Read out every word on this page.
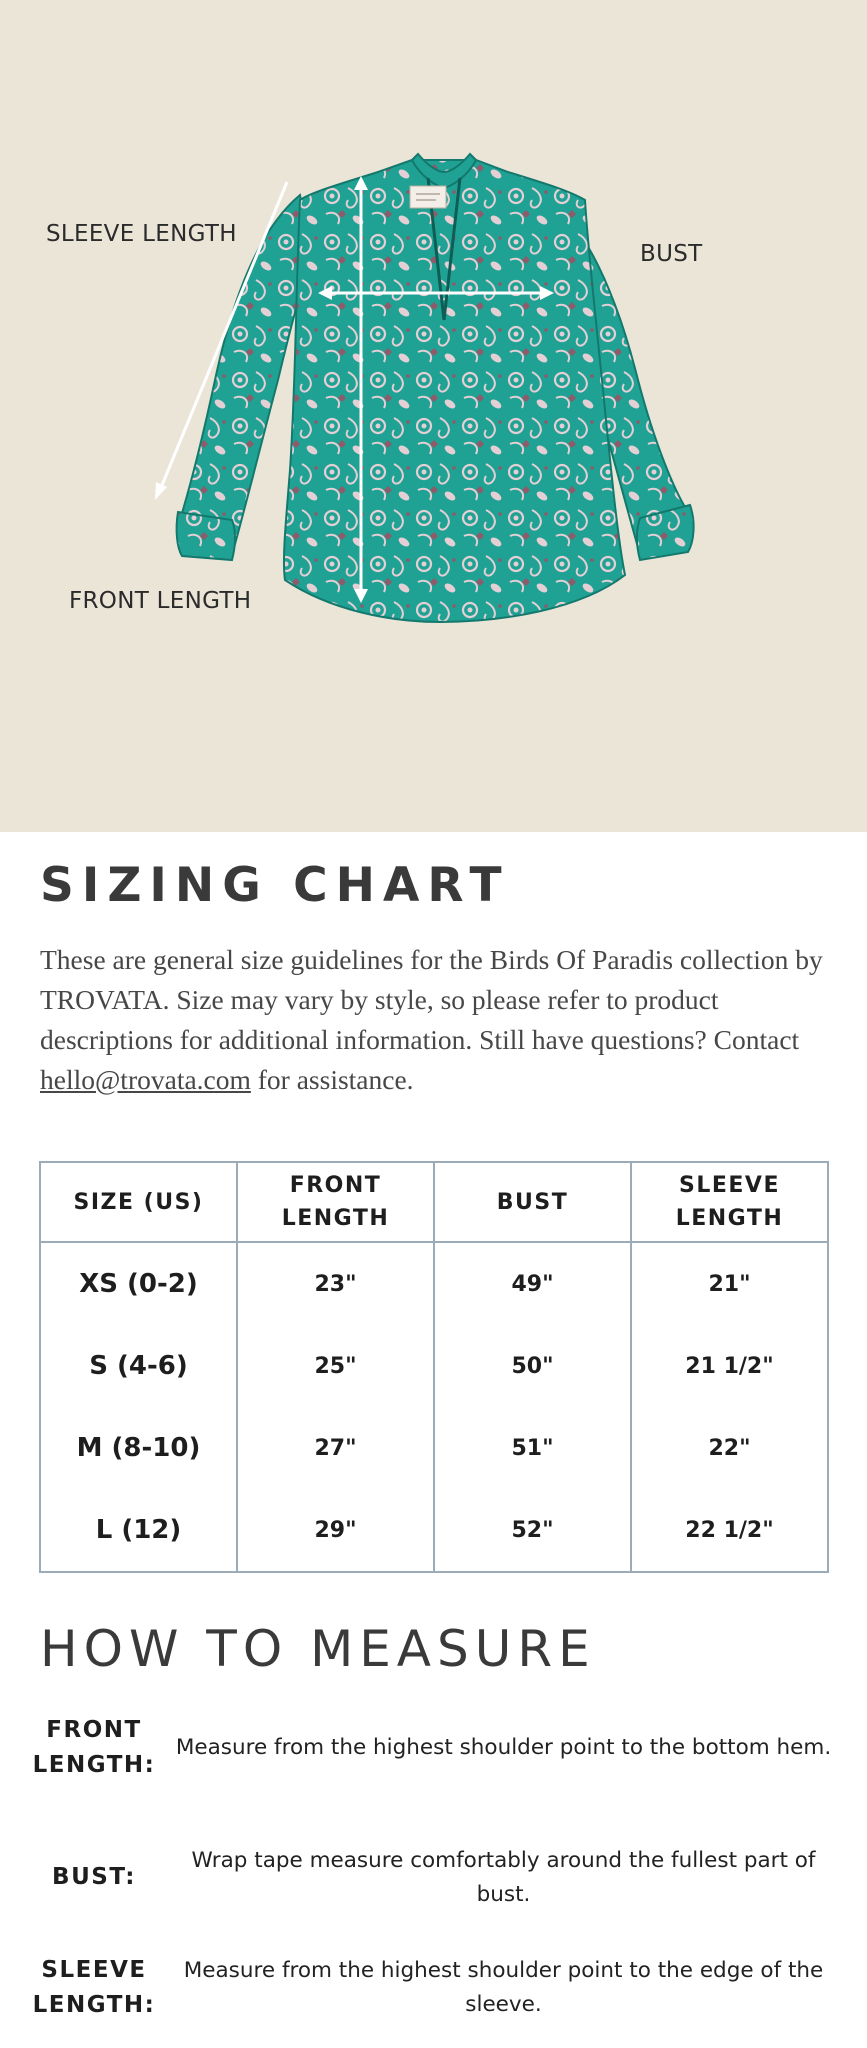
SLEEVE LENGTH
BUST
FRONT LENGTH
SIZING CHART

These are general size guidelines for the Birds Of Paradis collection by TROVATA. Size may vary by style, so please refer to product descriptions for additional information. Still have questions? Contact hello@trovata.com for assistance.

SIZE (US)	FRONT LENGTH	BUST	SLEEVE LENGTH
XS (0-2)	23"	49"	21"
S (4-6)	25"	50"	21 1/2"
M (8-10)	27"	51"	22"
L (12)	29"	52"	22 1/2"
HOW TO MEASURE
FRONT LENGTH:
Measure from the highest shoulder point to the bottom hem.
BUST:
Wrap tape measure comfortably around the fullest part of bust.
SLEEVE LENGTH:
Measure from the highest shoulder point to the edge of the sleeve.
